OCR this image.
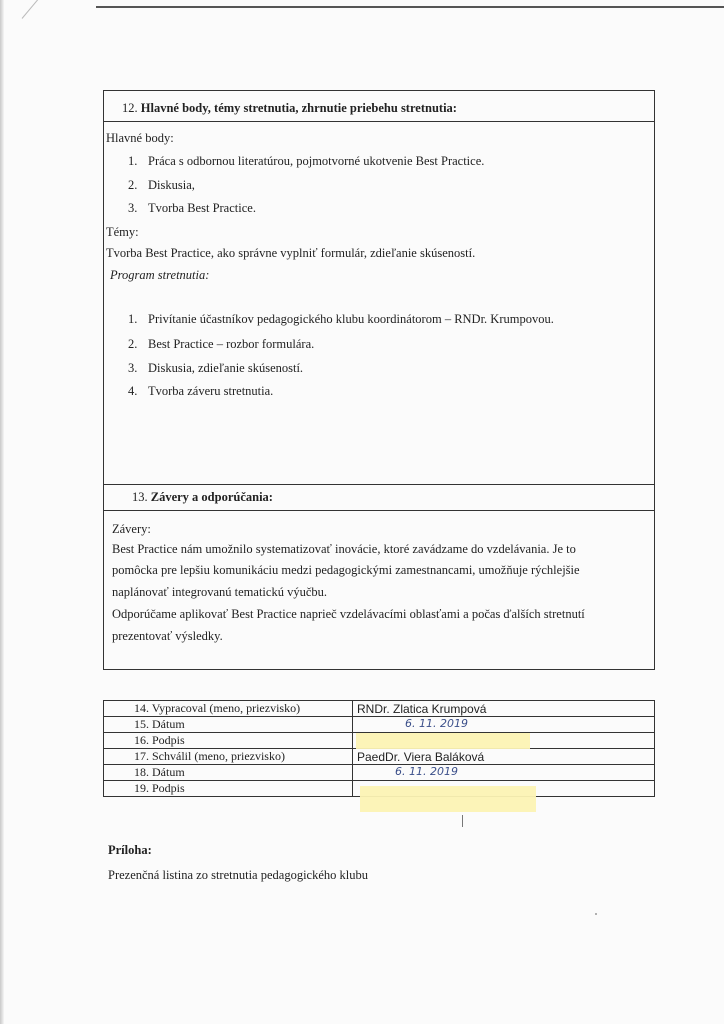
12. Hlavné body, témy stretnutia, zhrnutie priebehu stretnutia:
Hlavné body:
1. Práca s odbornou literatúrou, pojmotvorné ukotvenie Best Practice.
2. Diskusia,
3. Tvorba Best Practice.
Témy:
Tvorba Best Practice, ako správne vyplniť formulár, zdieľanie skúseností.
Program stretnutia:
1. Privítanie účastníkov pedagogického klubu koordinátorom – RNDr. Krumpovou.
2. Best Practice – rozbor formulára.
3. Diskusia, zdieľanie skúseností.
4. Tvorba záveru stretnutia.
13. Závery a odporúčania:
Závery:
Best Practice nám umožnilo systematizovať inovácie, ktoré zavádzame do vzdelávania. Je to
pomôcka pre lepšiu komunikáciu medzi pedagogickými zamestnancami, umožňuje rýchlejšie
naplánovať integrovanú tematickú výučbu.
Odporúčame aplikovať Best Practice naprieč vzdelávacími oblasťami a počas ďalších stretnutí
prezentovať výsledky.
14. Vypracoval (meno, priezvisko)	RNDr. Zlatica Krumpová
15. Dátum	6. 11. 2019

16. Podpis	
17. Schválil (meno, priezvisko)	PaedDr. Viera Baláková
18. Dátum	6. 11. 2019

19. Podpis	
Príloha:
Prezenčná listina zo stretnutia pedagogického klubu
